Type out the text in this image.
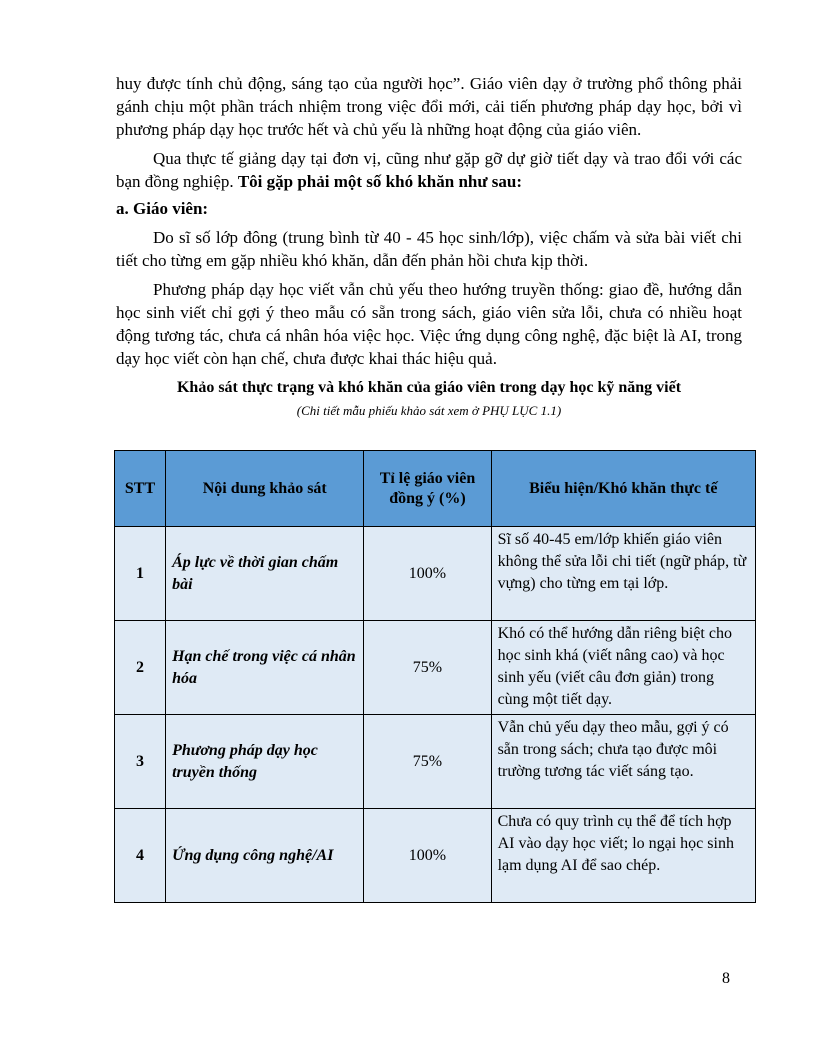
huy được tính chủ động, sáng tạo của người học”. Giáo viên dạy ở trường phổ thông phải gánh chịu một phần trách nhiệm trong việc đổi mới, cải tiến phương pháp dạy học, bởi vì phương pháp dạy học trước hết và chủ yếu là những hoạt động của giáo viên.

Qua thực tế giảng dạy tại đơn vị, cũng như gặp gỡ dự giờ tiết dạy và trao đổi với các bạn đồng nghiệp. Tôi gặp phải một số khó khăn như sau:

a. Giáo viên:

Do sĩ số lớp đông (trung bình từ 40 - 45 học sinh/lớp), việc chấm và sửa bài viết chi tiết cho từng em gặp nhiều khó khăn, dẫn đến phản hồi chưa kịp thời.

Phương pháp dạy học viết vẫn chủ yếu theo hướng truyền thống: giao đề, hướng dẫn học sinh viết chỉ gợi ý theo mẫu có sẵn trong sách, giáo viên sửa lỗi, chưa có nhiều hoạt động tương tác, chưa cá nhân hóa việc học. Việc ứng dụng công nghệ, đặc biệt là AI, trong dạy học viết còn hạn chế, chưa được khai thác hiệu quả.

Khảo sát thực trạng và khó khăn của giáo viên trong dạy học kỹ năng viết
(Chi tiết mẫu phiếu khảo sát xem ở PHỤ LỤC 1.1)
STT	Nội dung khảo sát	Tỉ lệ giáo viên đồng ý (%)	Biểu hiện/Khó khăn thực tế
1	Áp lực về thời gian chấm bài	100%	Sĩ số 40-45 em/lớp khiến giáo viên không thể sửa lỗi chi tiết (ngữ pháp, từ vựng) cho từng em tại lớp.
2	Hạn chế trong việc cá nhân hóa	75%	Khó có thể hướng dẫn riêng biệt cho học sinh khá (viết nâng cao) và học sinh yếu (viết câu đơn giản) trong cùng một tiết dạy.
3	Phương pháp dạy học truyền thống	75%	Vẫn chủ yếu dạy theo mẫu, gợi ý có sẵn trong sách; chưa tạo được môi trường tương tác viết sáng tạo.
4	Ứng dụng công nghệ/AI	100%	Chưa có quy trình cụ thể để tích hợp AI vào dạy học viết; lo ngại học sinh lạm dụng AI để sao chép.
8
